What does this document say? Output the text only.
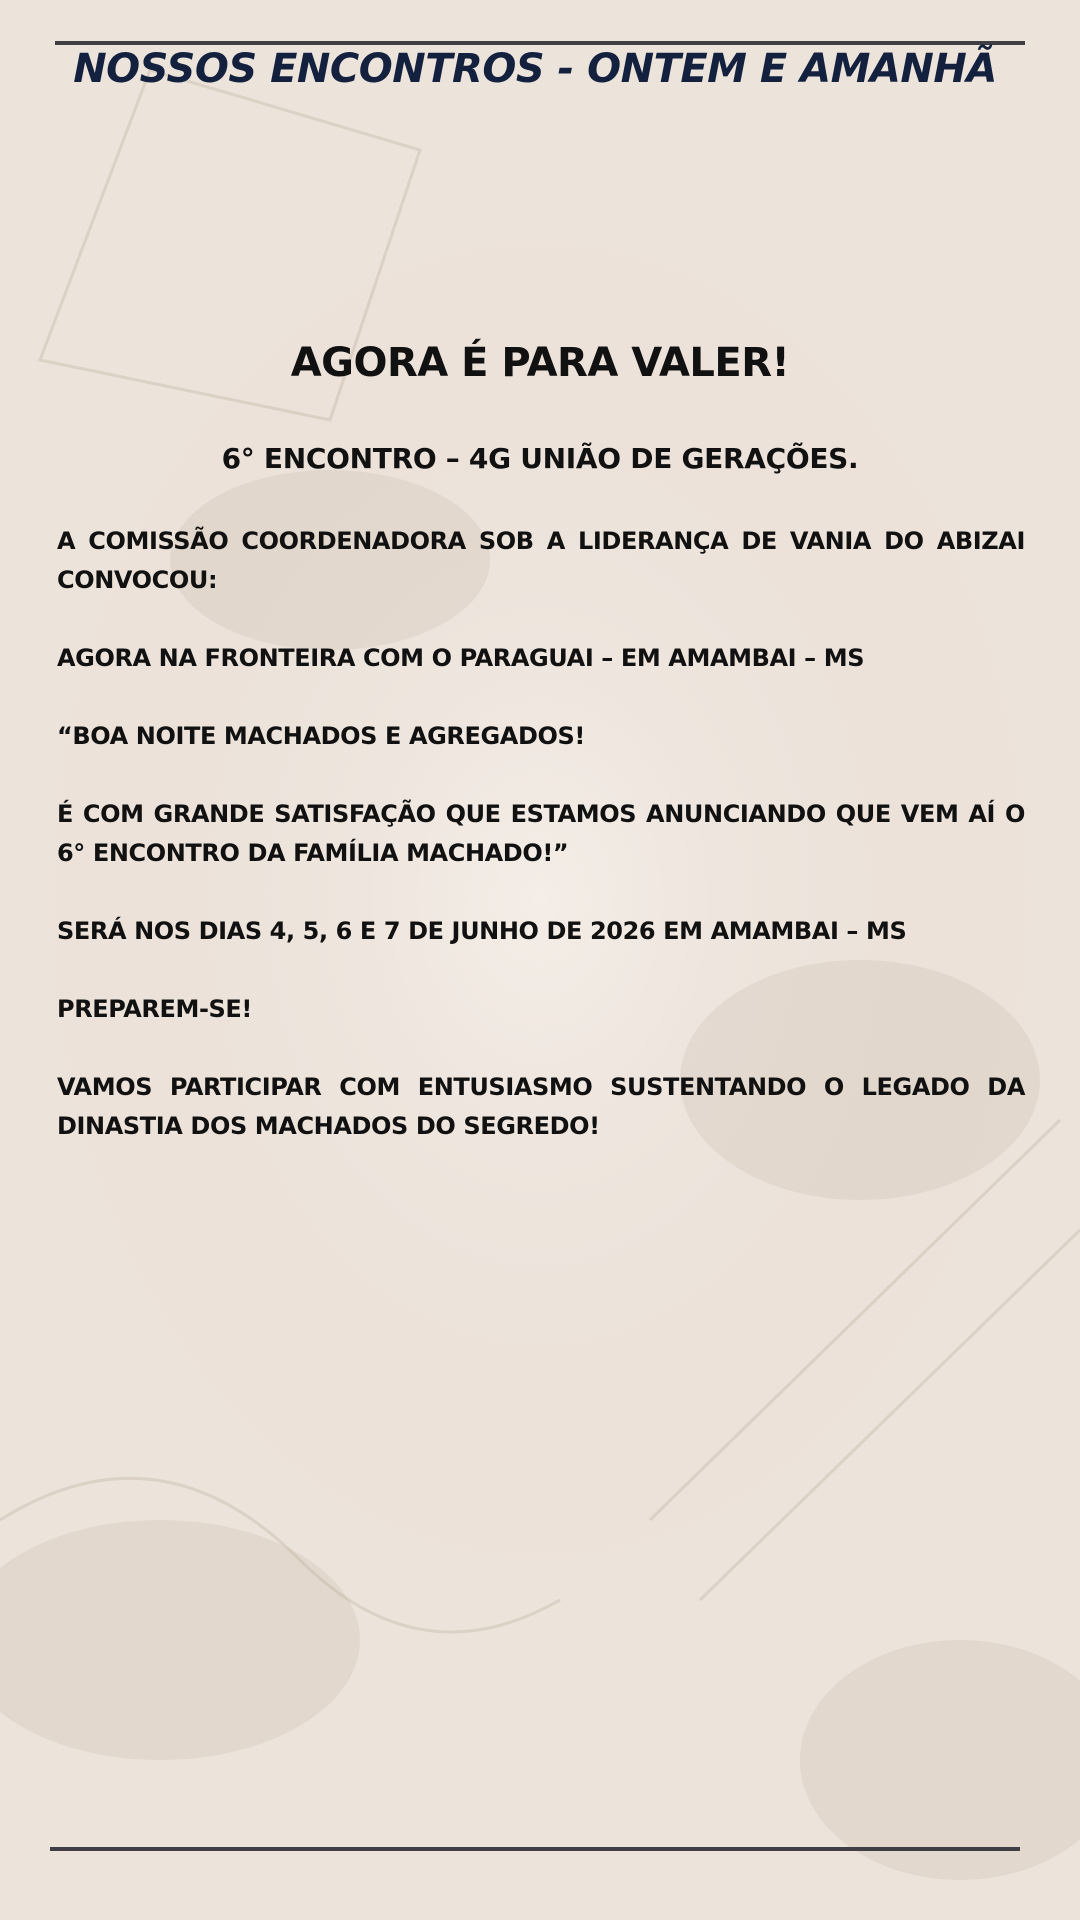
NOSSOS ENCONTROS - ONTEM E AMANHÃ
AGORA É PARA VALER!
6° ENCONTRO – 4G UNIÃO DE GERAÇÕES.

A COMISSÃO COORDENADORA SOB A LIDERANÇA DE VANIA DO ABIZAI CONVOCOU:

AGORA NA FRONTEIRA COM O PARAGUAI – EM AMAMBAI – MS

“BOA NOITE MACHADOS E AGREGADOS!

É COM GRANDE SATISFAÇÃO QUE ESTAMOS ANUNCIANDO QUE VEM AÍ O 6° ENCONTRO DA FAMÍLIA MACHADO!”

SERÁ NOS DIAS 4, 5, 6 E 7 DE JUNHO DE 2026 EM AMAMBAI – MS

PREPAREM-SE!

VAMOS PARTICIPAR COM ENTUSIASMO SUSTENTANDO O LEGADO DA DINASTIA DOS MACHADOS DO SEGREDO!
